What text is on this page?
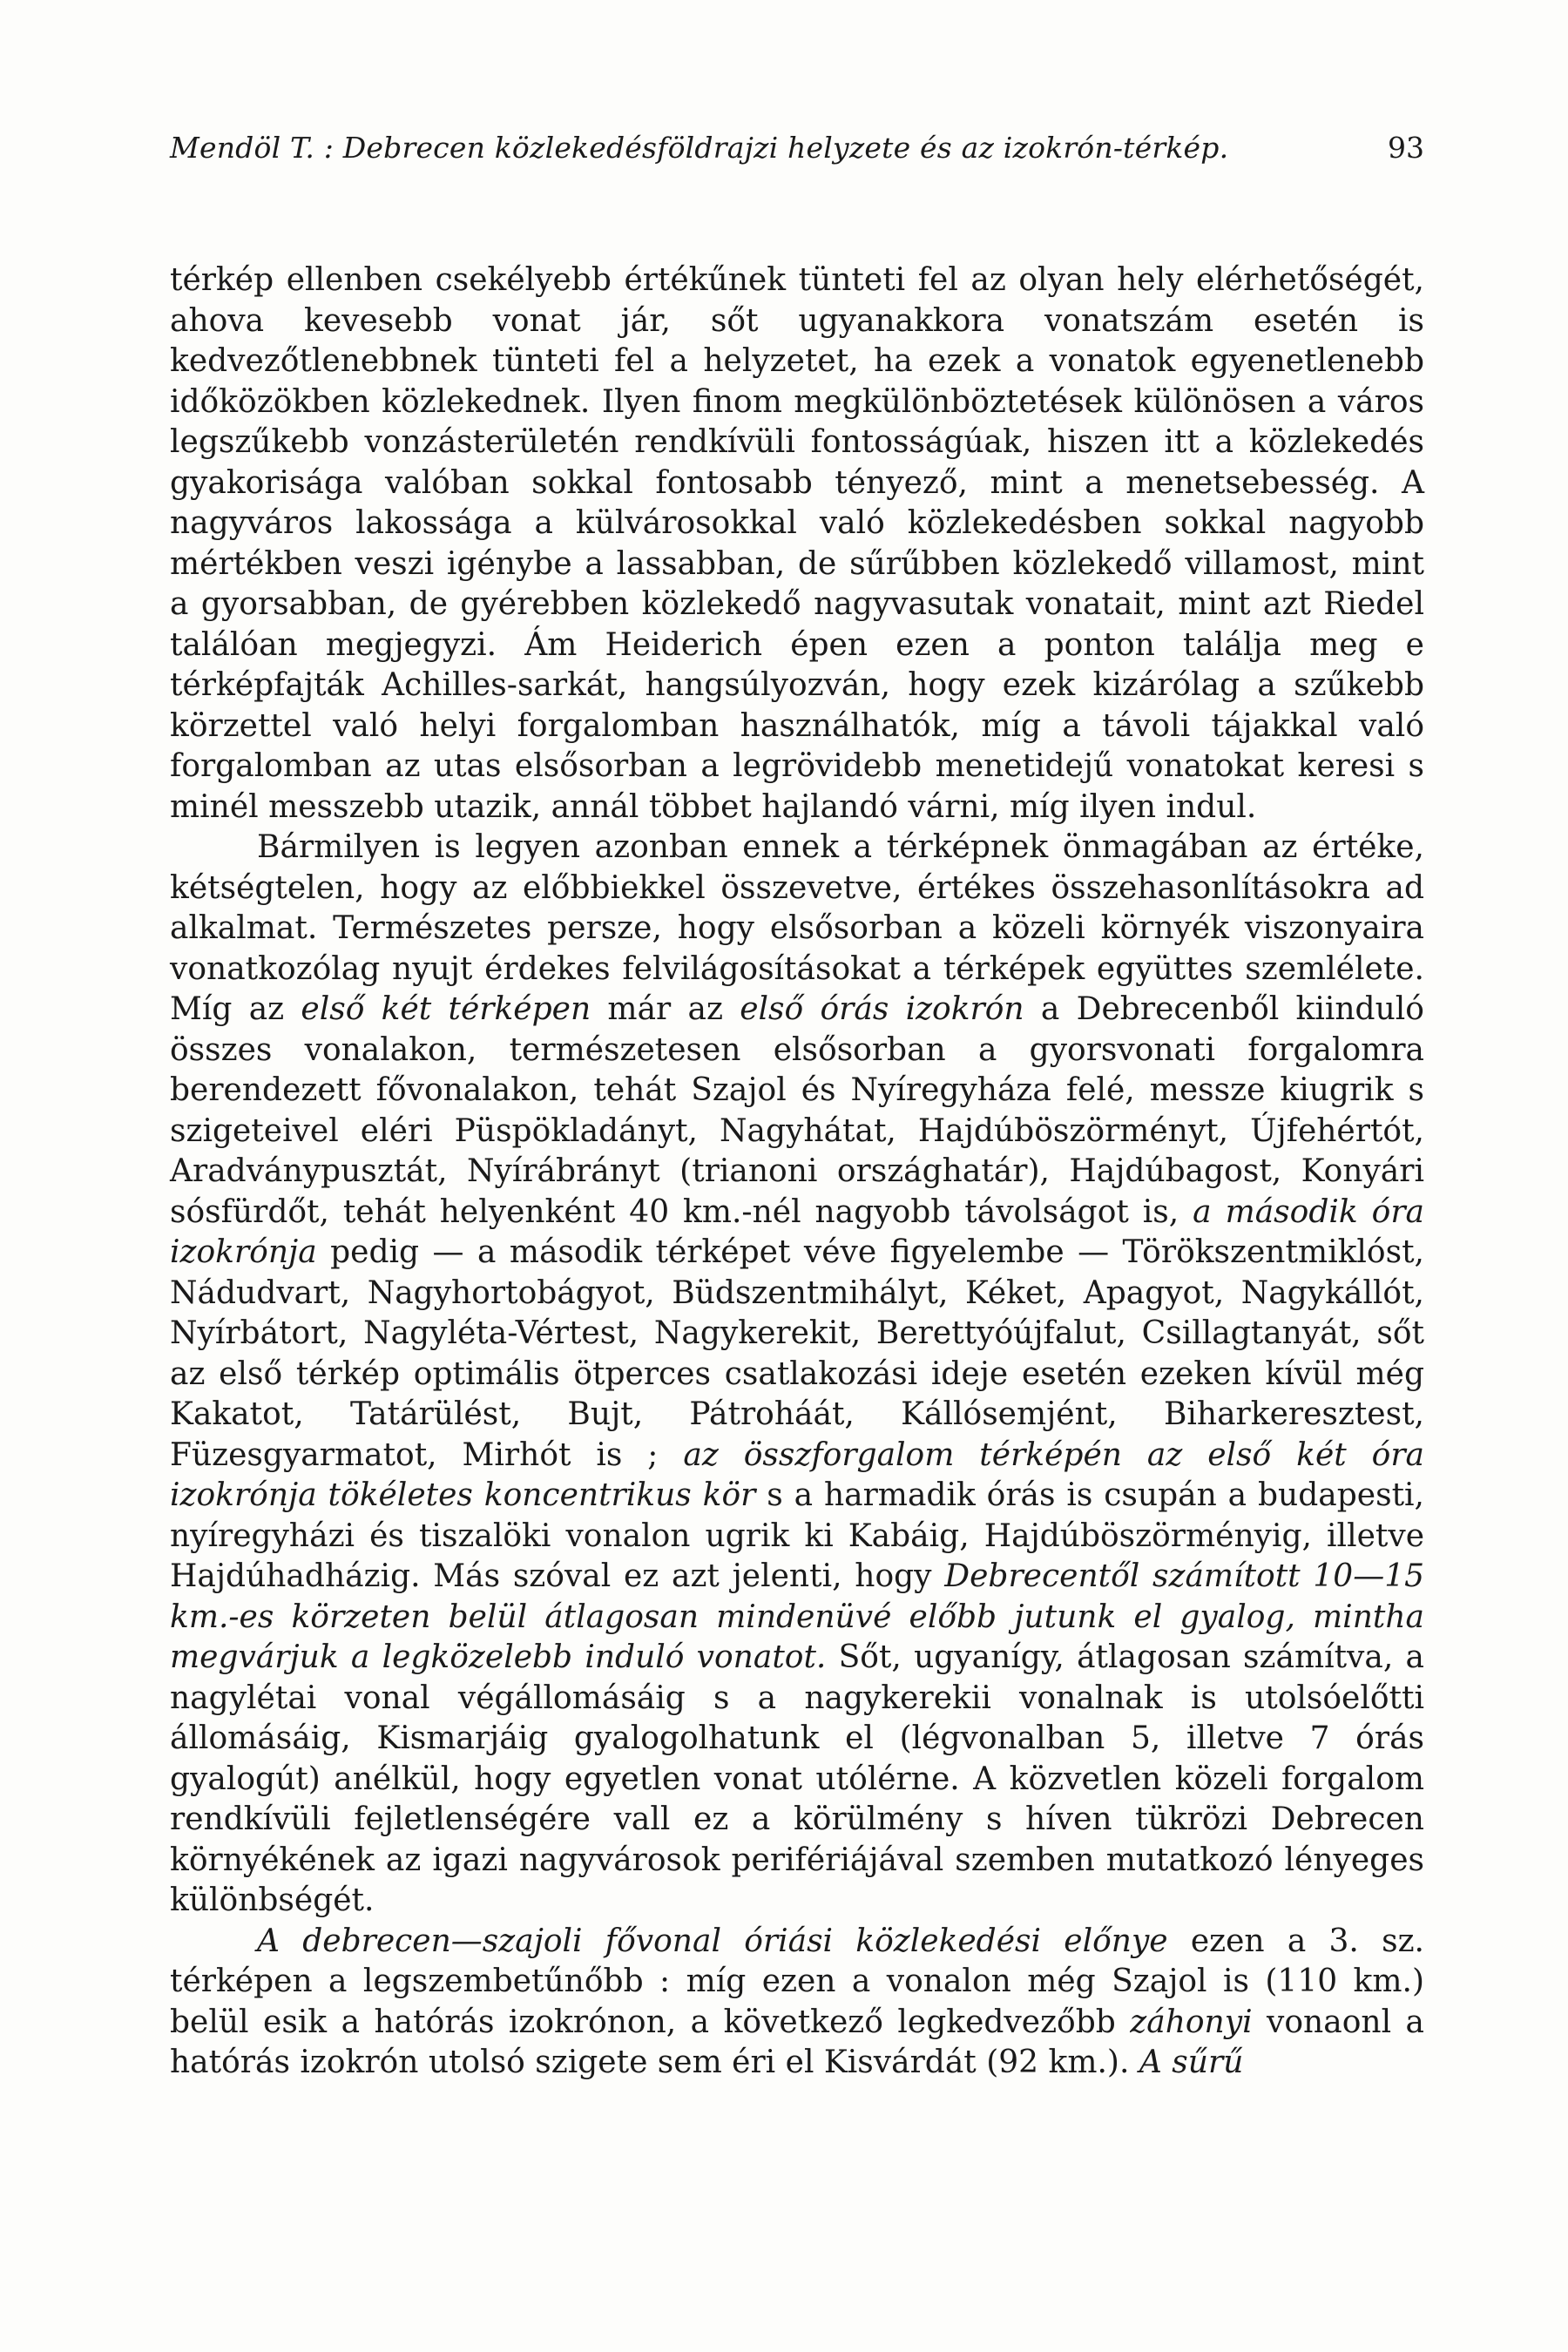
Mendöl T. : Debrecen közlekedésföldrajzi helyzete és az izokrón-térkép.	93

térkép ellenben csekélyebb értékűnek tünteti fel az olyan hely elérhetőségét, ahova kevesebb vonat jár, sőt ugyanakkora vonatszám esetén is kedvezőtlenebbnek tünteti fel a helyzetet, ha ezek a vonatok egyenetlenebb időközökben közlekednek. Ilyen finom megkülönböztetések különösen a város legszűkebb vonzásterületén rendkívüli fontosságúak, hiszen itt a közlekedés gyakorisága valóban sokkal fontosabb tényező, mint a menetsebesség. A nagyváros lakossága a külvárosokkal való közlekedésben sokkal nagyobb mértékben veszi igénybe a lassabban, de sűrűbben közlekedő villamost, mint a gyorsabban, de gyérebben közlekedő nagyvasutak vonatait, mint azt Riedel találóan megjegyzi. Ám Heiderich épen ezen a ponton találja meg e térképfajták Achilles-sarkát, hangsúlyozván, hogy ezek kizárólag a szűkebb körzettel való helyi forgalomban használhatók, míg a távoli tájakkal való forgalomban az utas elsősorban a legrövidebb menetidejű vonatokat keresi s minél messzebb utazik, annál többet hajlandó várni, míg ilyen indul.

Bármilyen is legyen azonban ennek a térképnek önmagában az értéke, kétségtelen, hogy az előbbiekkel összevetve, értékes összehasonlításokra ad alkalmat. Természetes persze, hogy elsősorban a közeli környék viszonyaira vonatkozólag nyujt érdekes felvilágosításokat a térképek együttes szemlélete. Míg az első két térképen már az első órás izokrón a Debrecenből kiinduló összes vonalakon, természetesen elsősorban a gyorsvonati forgalomra berendezett fővonalakon, tehát Szajol és Nyíregyháza felé, messze kiugrik s szigeteivel eléri Püspökladányt, Nagyhátat, Hajdúböszörményt, Újfehértót, Aradványpusztát, Nyírábrányt (trianoni országhatár), Hajdúbagost, Konyári sósfürdőt, tehát helyenként 40 km.-nél nagyobb távolságot is, a második óra izokrónja pedig — a második térképet véve figyelembe — Törökszentmiklóst, Nádudvart, Nagyhortobágyot, Büdszentmihályt, Kéket, Apagyot, Nagykállót, Nyírbátort, Nagyléta-Vértest, Nagykerekit, Berettyóújfalut, Csillagtanyát, sőt az első térkép optimális ötperces csatlakozási ideje esetén ezeken kívül még Kakatot, Tatárülést, Bujt, Pátroháát, Kállósemjént, Biharkeresztest, Füzesgyarmatot, Mirhót is ; az összforgalom térképén az első két óra izokrónja tökéletes koncentrikus kör s a harmadik órás is csupán a budapesti, nyíregyházi és tiszalöki vonalon ugrik ki Kabáig, Hajdúböszörményig, illetve Hajdúhadházig. Más szóval ez azt jelenti, hogy Debrecentől számított 10—15 km.-es körzeten belül átlagosan mindenüvé előbb jutunk el gyalog, mintha megvárjuk a legközelebb induló vonatot. Sőt, ugyanígy, átlagosan számítva, a nagylétai vonal végállomásáig s a nagykerekii vonalnak is utolsóelőtti állomásáig, Kismarjáig gyalogolhatunk el (légvonalban 5, illetve 7 órás gyalogút) anélkül, hogy egyetlen vonat utólérne. A közvetlen közeli forgalom rendkívüli fejletlenségére vall ez a körülmény s híven tükrözi Debrecen környékének az igazi nagyvárosok perifériájával szemben mutatkozó lényeges különbségét.

A debrecen—szajoli fővonal óriási közlekedési előnye ezen a 3. sz. térképen a legszembetűnőbb : míg ezen a vonalon még Szajol is (110 km.) belül esik a hatórás izokrónon, a következő legkedvezőbb záhonyi vonaonl a hatórás izokrón utolsó szigete sem éri el Kisvárdát (92 km.). A sűrű
